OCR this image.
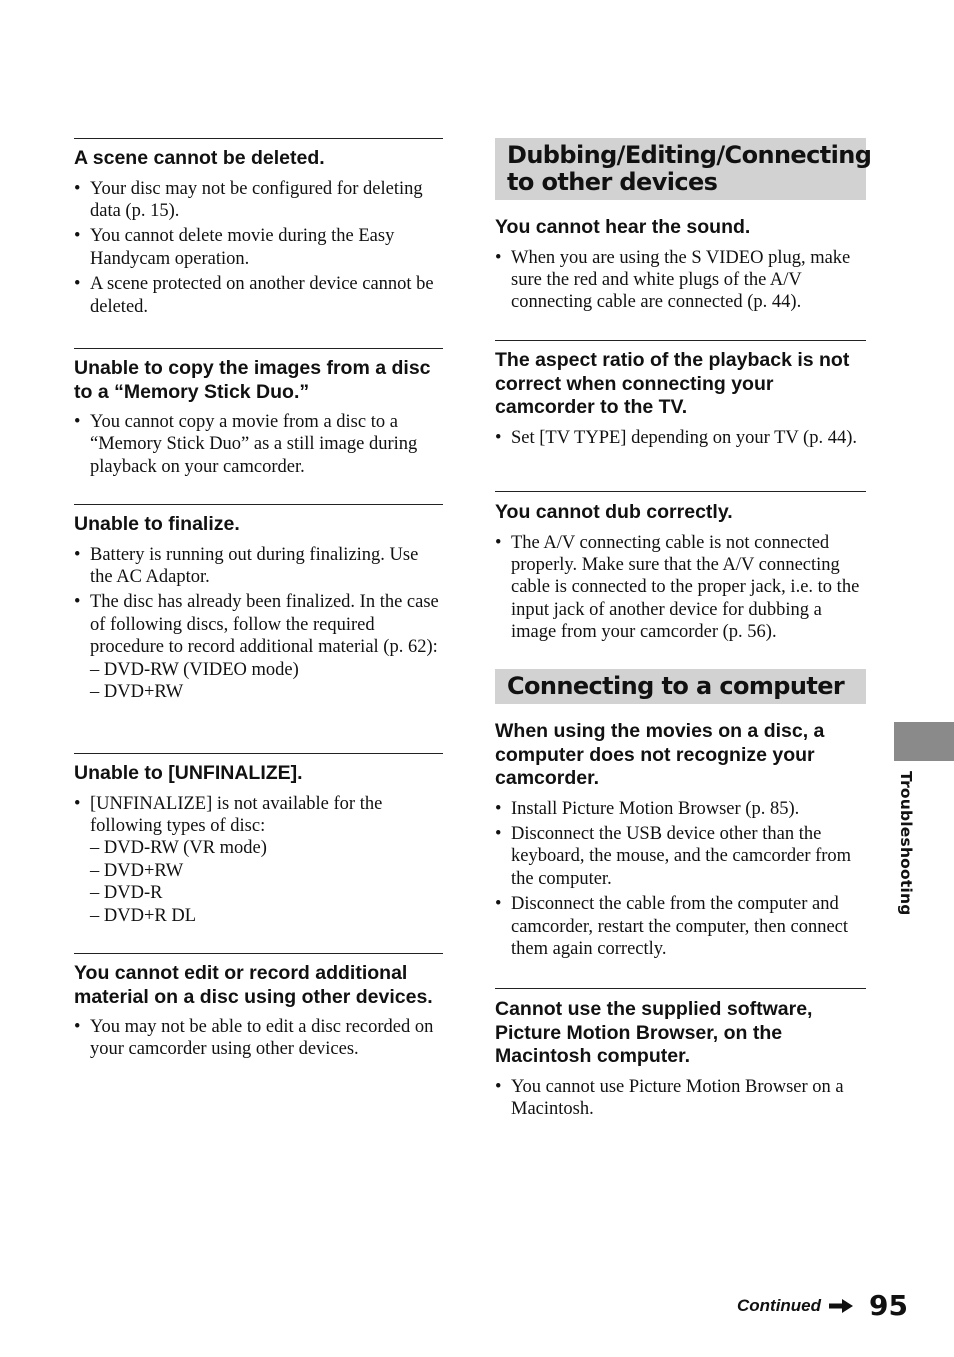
A scene cannot be deleted.
• Your disc may not be configured for deleting data (p. 15).
• You cannot delete movie during the Easy Handycam operation.
• A scene protected on another device cannot be deleted.
Unable to copy the images from a disc to a “Memory Stick Duo.”
• You cannot copy a movie from a disc to a “Memory Stick Duo” as a still image during playback on your camcorder.
Unable to finalize.
• Battery is running out during finalizing. Use the AC Adaptor.
• The disc has already been finalized. In the case of following discs, follow the required procedure to record additional material (p. 62):
– DVD-RW (VIDEO mode)
– DVD+RW
Unable to [UNFINALIZE].
• [UNFINALIZE] is not available for the following types of disc:
– DVD-RW (VR mode)
– DVD+RW
– DVD-R
– DVD+R DL
You cannot edit or record additional material on a disc using other devices.
• You may not be able to edit a disc recorded on your camcorder using other devices.
Dubbing/Editing/Connecting to other devices
You cannot hear the sound.
• When you are using the S VIDEO plug, make sure the red and white plugs of the A/V connecting cable are connected (p. 44).
The aspect ratio of the playback is not correct when connecting your camcorder to the TV.
• Set [TV TYPE] depending on your TV (p. 44).
You cannot dub correctly.
• The A/V connecting cable is not connected properly. Make sure that the A/V connecting cable is connected to the proper jack, i.e. to the input jack of another device for dubbing a image from your camcorder (p. 56).
Connecting to a computer
When using the movies on a disc, a computer does not recognize your camcorder.
• Install Picture Motion Browser (p. 85).
• Disconnect the USB device other than the keyboard, the mouse, and the camcorder from the computer.
• Disconnect the cable from the computer and camcorder, restart the computer, then connect them again correctly.
Cannot use the supplied software, Picture Motion Browser, on the Macintosh computer.
• You cannot use Picture Motion Browser on a Macintosh.
Troubleshooting
Continued 95
